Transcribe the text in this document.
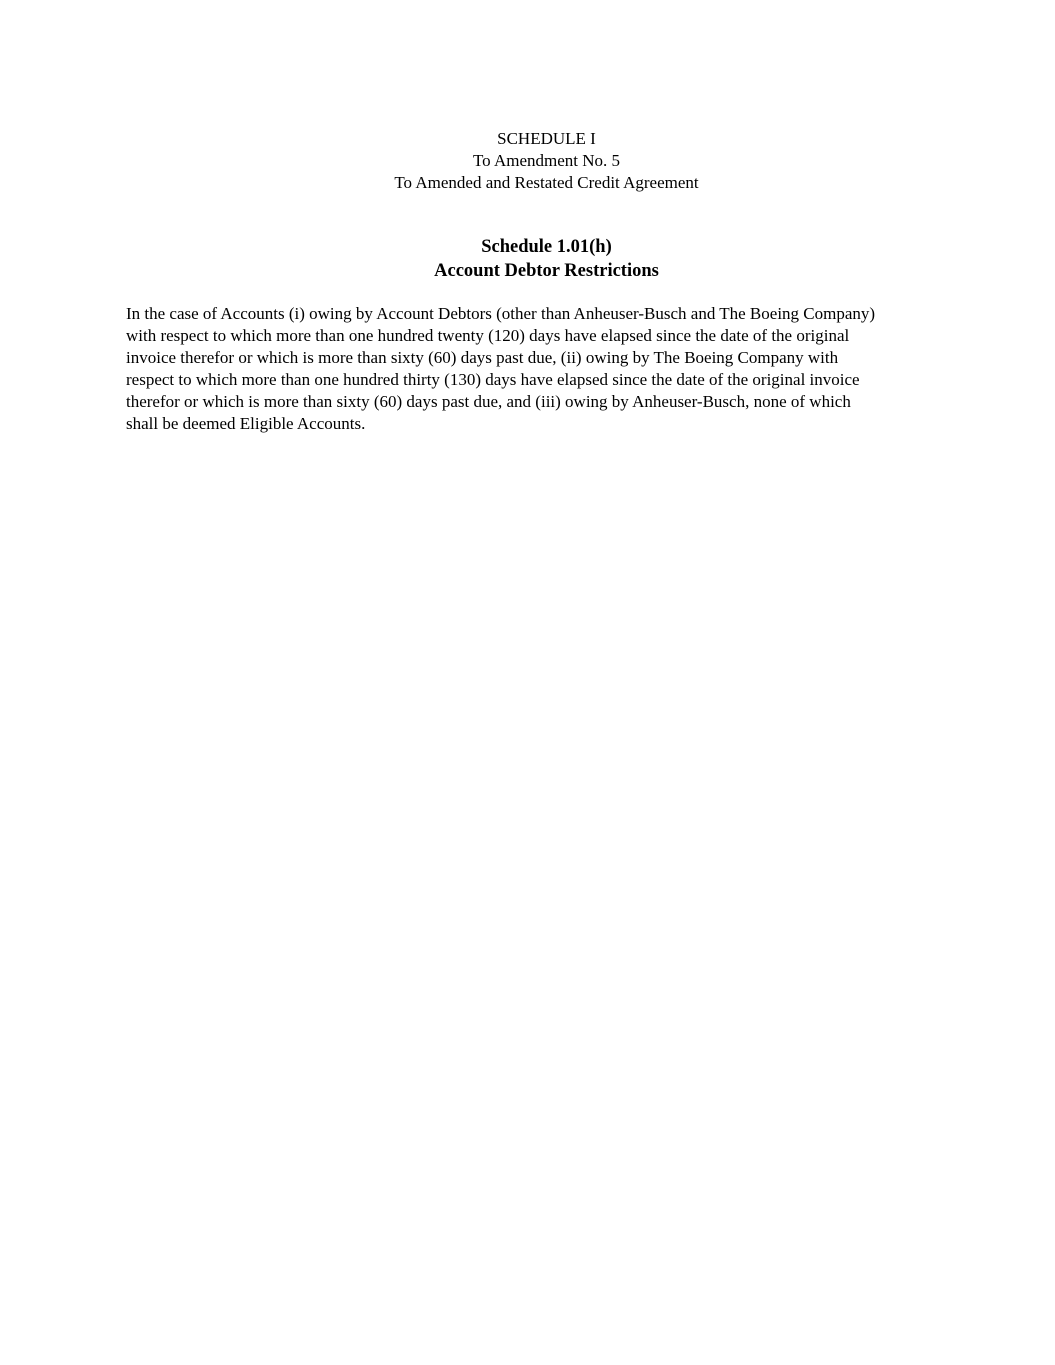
SCHEDULE I
To Amendment No. 5
To Amended and Restated Credit Agreement
Schedule 1.01(h)
Account Debtor Restrictions
In the case of Accounts (i) owing by Account Debtors (other than Anheuser-Busch and The Boeing Company)
with respect to which more than one hundred twenty (120) days have elapsed since the date of the original
invoice therefor or which is more than sixty (60) days past due, (ii) owing by The Boeing Company with
respect to which more than one hundred thirty (130) days have elapsed since the date of the original invoice
therefor or which is more than sixty (60) days past due, and (iii) owing by Anheuser-Busch, none of which
shall be deemed Eligible Accounts.
